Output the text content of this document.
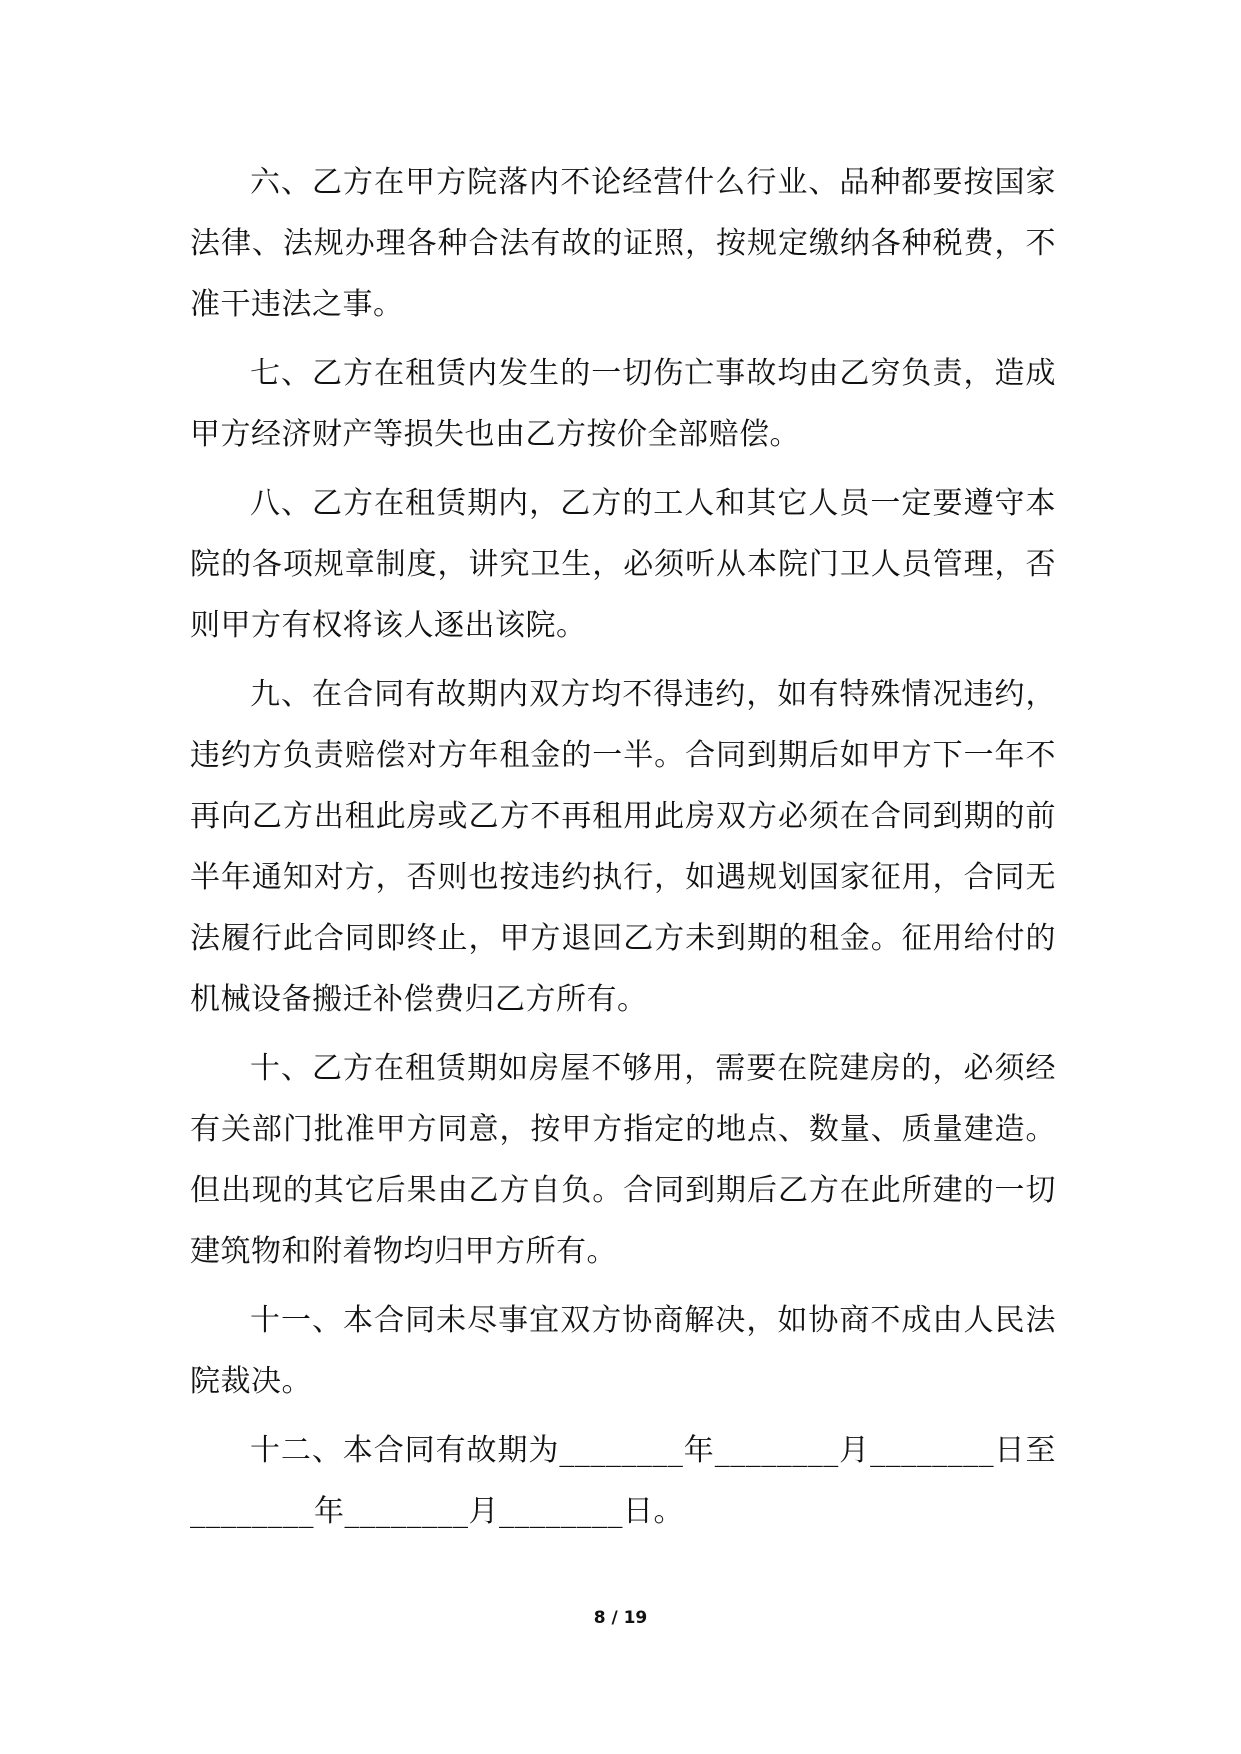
六、乙方在甲方院落内不论经营什么行业、品种都要按国家法律、法规办理各种合法有故的证照，按规定缴纳各种税费，不准干违法之事。

七、乙方在租赁内发生的一切伤亡事故均由乙穷负责，造成甲方经济财产等损失也由乙方按价全部赔偿。

八、乙方在租赁期内，乙方的工人和其它人员一定要遵守本院的各项规章制度，讲究卫生，必须听从本院门卫人员管理，否则甲方有权将该人逐出该院。

九、在合同有故期内双方均不得违约，如有特殊情况违约，违约方负责赔偿对方年租金的一半。合同到期后如甲方下一年不再向乙方出租此房或乙方不再租用此房双方必须在合同到期的前半年通知对方，否则也按违约执行，如遇规划国家征用，合同无法履行此合同即终止，甲方退回乙方未到期的租金。征用给付的机械设备搬迁补偿费归乙方所有。

十、乙方在租赁期如房屋不够用，需要在院建房的，必须经有关部门批准甲方同意，按甲方指定的地点、数量、质量建造。但出现的其它后果由乙方自负。合同到期后乙方在此所建的一切建筑物和附着物均归甲方所有。

十一、本合同未尽事宜双方协商解决，如协商不成由人民法院裁决。

十二、本合同有故期为________年________月________日至________年________月________日。

8 / 19
